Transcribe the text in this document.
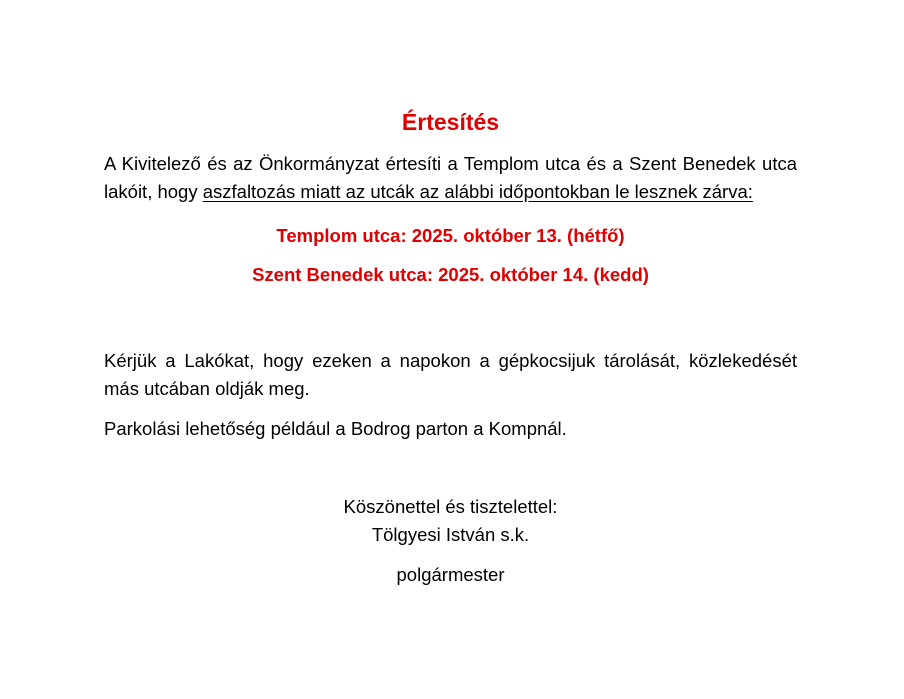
Értesítés

A Kivitelező és az Önkormányzat értesíti a Templom utca és a Szent Benedek utca lakóit, hogy aszfaltozás miatt az utcák az alábbi időpontokban le lesznek zárva:

Templom utca: 2025. október 13. (hétfő)

Szent Benedek utca: 2025. október 14. (kedd)

Kérjük a Lakókat, hogy ezeken a napokon a gépkocsijuk tárolását, közlekedését más utcában oldják meg.

Parkolási lehetőség például a Bodrog parton a Kompnál.

Köszönettel és tisztelettel:

Tölgyesi István s.k.

polgármester
